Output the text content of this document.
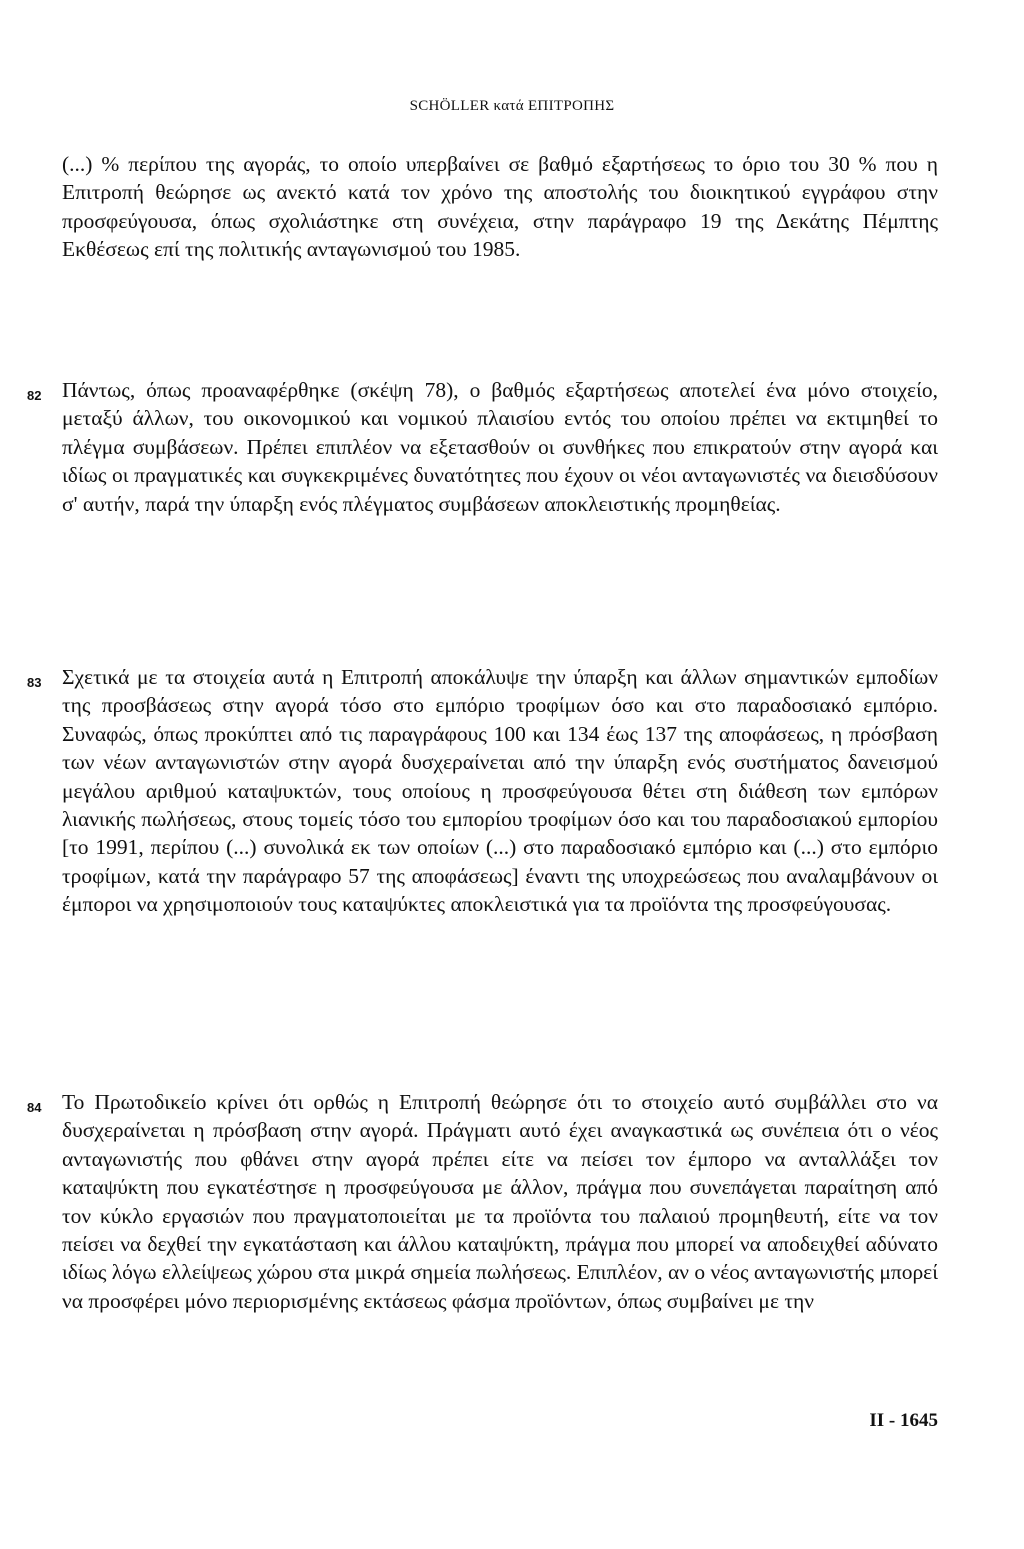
SCHÖLLER κατά ΕΠΙΤΡΟΠΗΣ
(...) % περίπου της αγοράς, το οποίο υπερβαίνει σε βαθμό εξαρτήσεως το όριο του 30 % που η Επιτροπή θεώρησε ως ανεκτό κατά τον χρόνο της αποστολής του διοικητικού εγγράφου στην προσφεύγουσα, όπως σχολιάστηκε στη συνέχεια, στην παράγραφο 19 της Δεκάτης Πέμπτης Εκθέσεως επί της πολιτικής ανταγωνισμού του 1985.
82 Πάντως, όπως προαναφέρθηκε (σκέψη 78), ο βαθμός εξαρτήσεως αποτελεί ένα μόνο στοιχείο, μεταξύ άλλων, του οικονομικού και νομικού πλαισίου εντός του οποίου πρέπει να εκτιμηθεί το πλέγμα συμβάσεων. Πρέπει επιπλέον να εξετασθούν οι συνθήκες που επικρατούν στην αγορά και ιδίως οι πραγματικές και συγκεκριμένες δυνατότητες που έχουν οι νέοι ανταγωνιστές να διεισδύσουν σ' αυτήν, παρά την ύπαρξη ενός πλέγματος συμβάσεων αποκλειστικής προμηθείας.
83 Σχετικά με τα στοιχεία αυτά η Επιτροπή αποκάλυψε την ύπαρξη και άλλων σημαντικών εμποδίων της προσβάσεως στην αγορά τόσο στο εμπόριο τροφίμων όσο και στο παραδοσιακό εμπόριο. Συναφώς, όπως προκύπτει από τις παραγράφους 100 και 134 έως 137 της αποφάσεως, η πρόσβαση των νέων ανταγωνιστών στην αγορά δυσχεραίνεται από την ύπαρξη ενός συστήματος δανεισμού μεγάλου αριθμού καταψυκτών, τους οποίους η προσφεύγουσα θέτει στη διάθεση των εμπόρων λιανικής πωλήσεως, στους τομείς τόσο του εμπορίου τροφίμων όσο και του παραδοσιακού εμπορίου [το 1991, περίπου (...) συνολικά εκ των οποίων (...) στο παραδοσιακό εμπόριο και (...) στο εμπόριο τροφίμων, κατά την παράγραφο 57 της αποφάσεως] έναντι της υποχρεώσεως που αναλαμβάνουν οι έμποροι να χρησιμοποιούν τους καταψύκτες αποκλειστικά για τα προϊόντα της προσφεύγουσας.
84 Το Πρωτοδικείο κρίνει ότι ορθώς η Επιτροπή θεώρησε ότι το στοιχείο αυτό συμβάλλει στο να δυσχεραίνεται η πρόσβαση στην αγορά. Πράγματι αυτό έχει αναγκαστικά ως συνέπεια ότι ο νέος ανταγωνιστής που φθάνει στην αγορά πρέπει είτε να πείσει τον έμπορο να ανταλλάξει τον καταψύκτη που εγκατέστησε η προσφεύγουσα με άλλον, πράγμα που συνεπάγεται παραίτηση από τον κύκλο εργασιών που πραγματοποιείται με τα προϊόντα του παλαιού προμηθευτή, είτε να τον πείσει να δεχθεί την εγκατάσταση και άλλου καταψύκτη, πράγμα που μπορεί να αποδειχθεί αδύνατο ιδίως λόγω ελλείψεως χώρου στα μικρά σημεία πωλήσεως. Επιπλέον, αν ο νέος ανταγωνιστής μπορεί να προσφέρει μόνο περιορισμένης εκτάσεως φάσμα προϊόντων, όπως συμβαίνει με την
II - 1645
